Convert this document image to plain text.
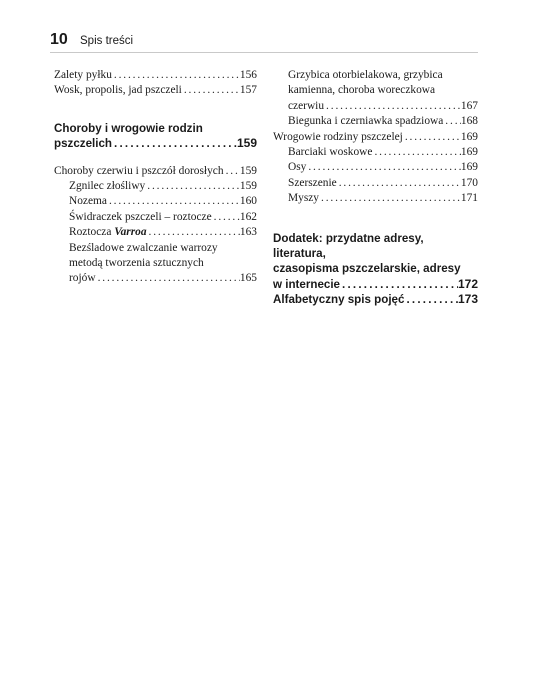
10 Spis treści
Zalety pyłku . . .	156
Wosk, propolis, jad pszczeli . . .	157
Choroby i wrogowie rodzin
pszczelich . . .	159
Choroby czerwiu i pszczół dorosłych . . . 159
Zgnilec złośliwy . . .	159
Nozema . . .	160
Świdraczek pszczeli – roztocze . . . 162
Roztocza Varroa . . .	163
Bezśladowe zwalczanie warrozy
metodą tworzenia sztucznych
rojów . . .	165
Grzybica otorbielakowa, grzybica
kamienna, choroba woreczkowa
czerwiu . . .	167
Biegunka i czerniawka spadziowa . . . 168
Wrogowie rodziny pszczelej . . .	169
Barciaki woskowe . . .	169
Osy . . .	169
Szerszenie . . .	170
Myszy . . .	171
Dodatek: przydatne adresy, literatura,
czasopisma pszczelarskie, adresy
w internecie . . .	172
Alfabetyczny spis pojęć . . .	173
